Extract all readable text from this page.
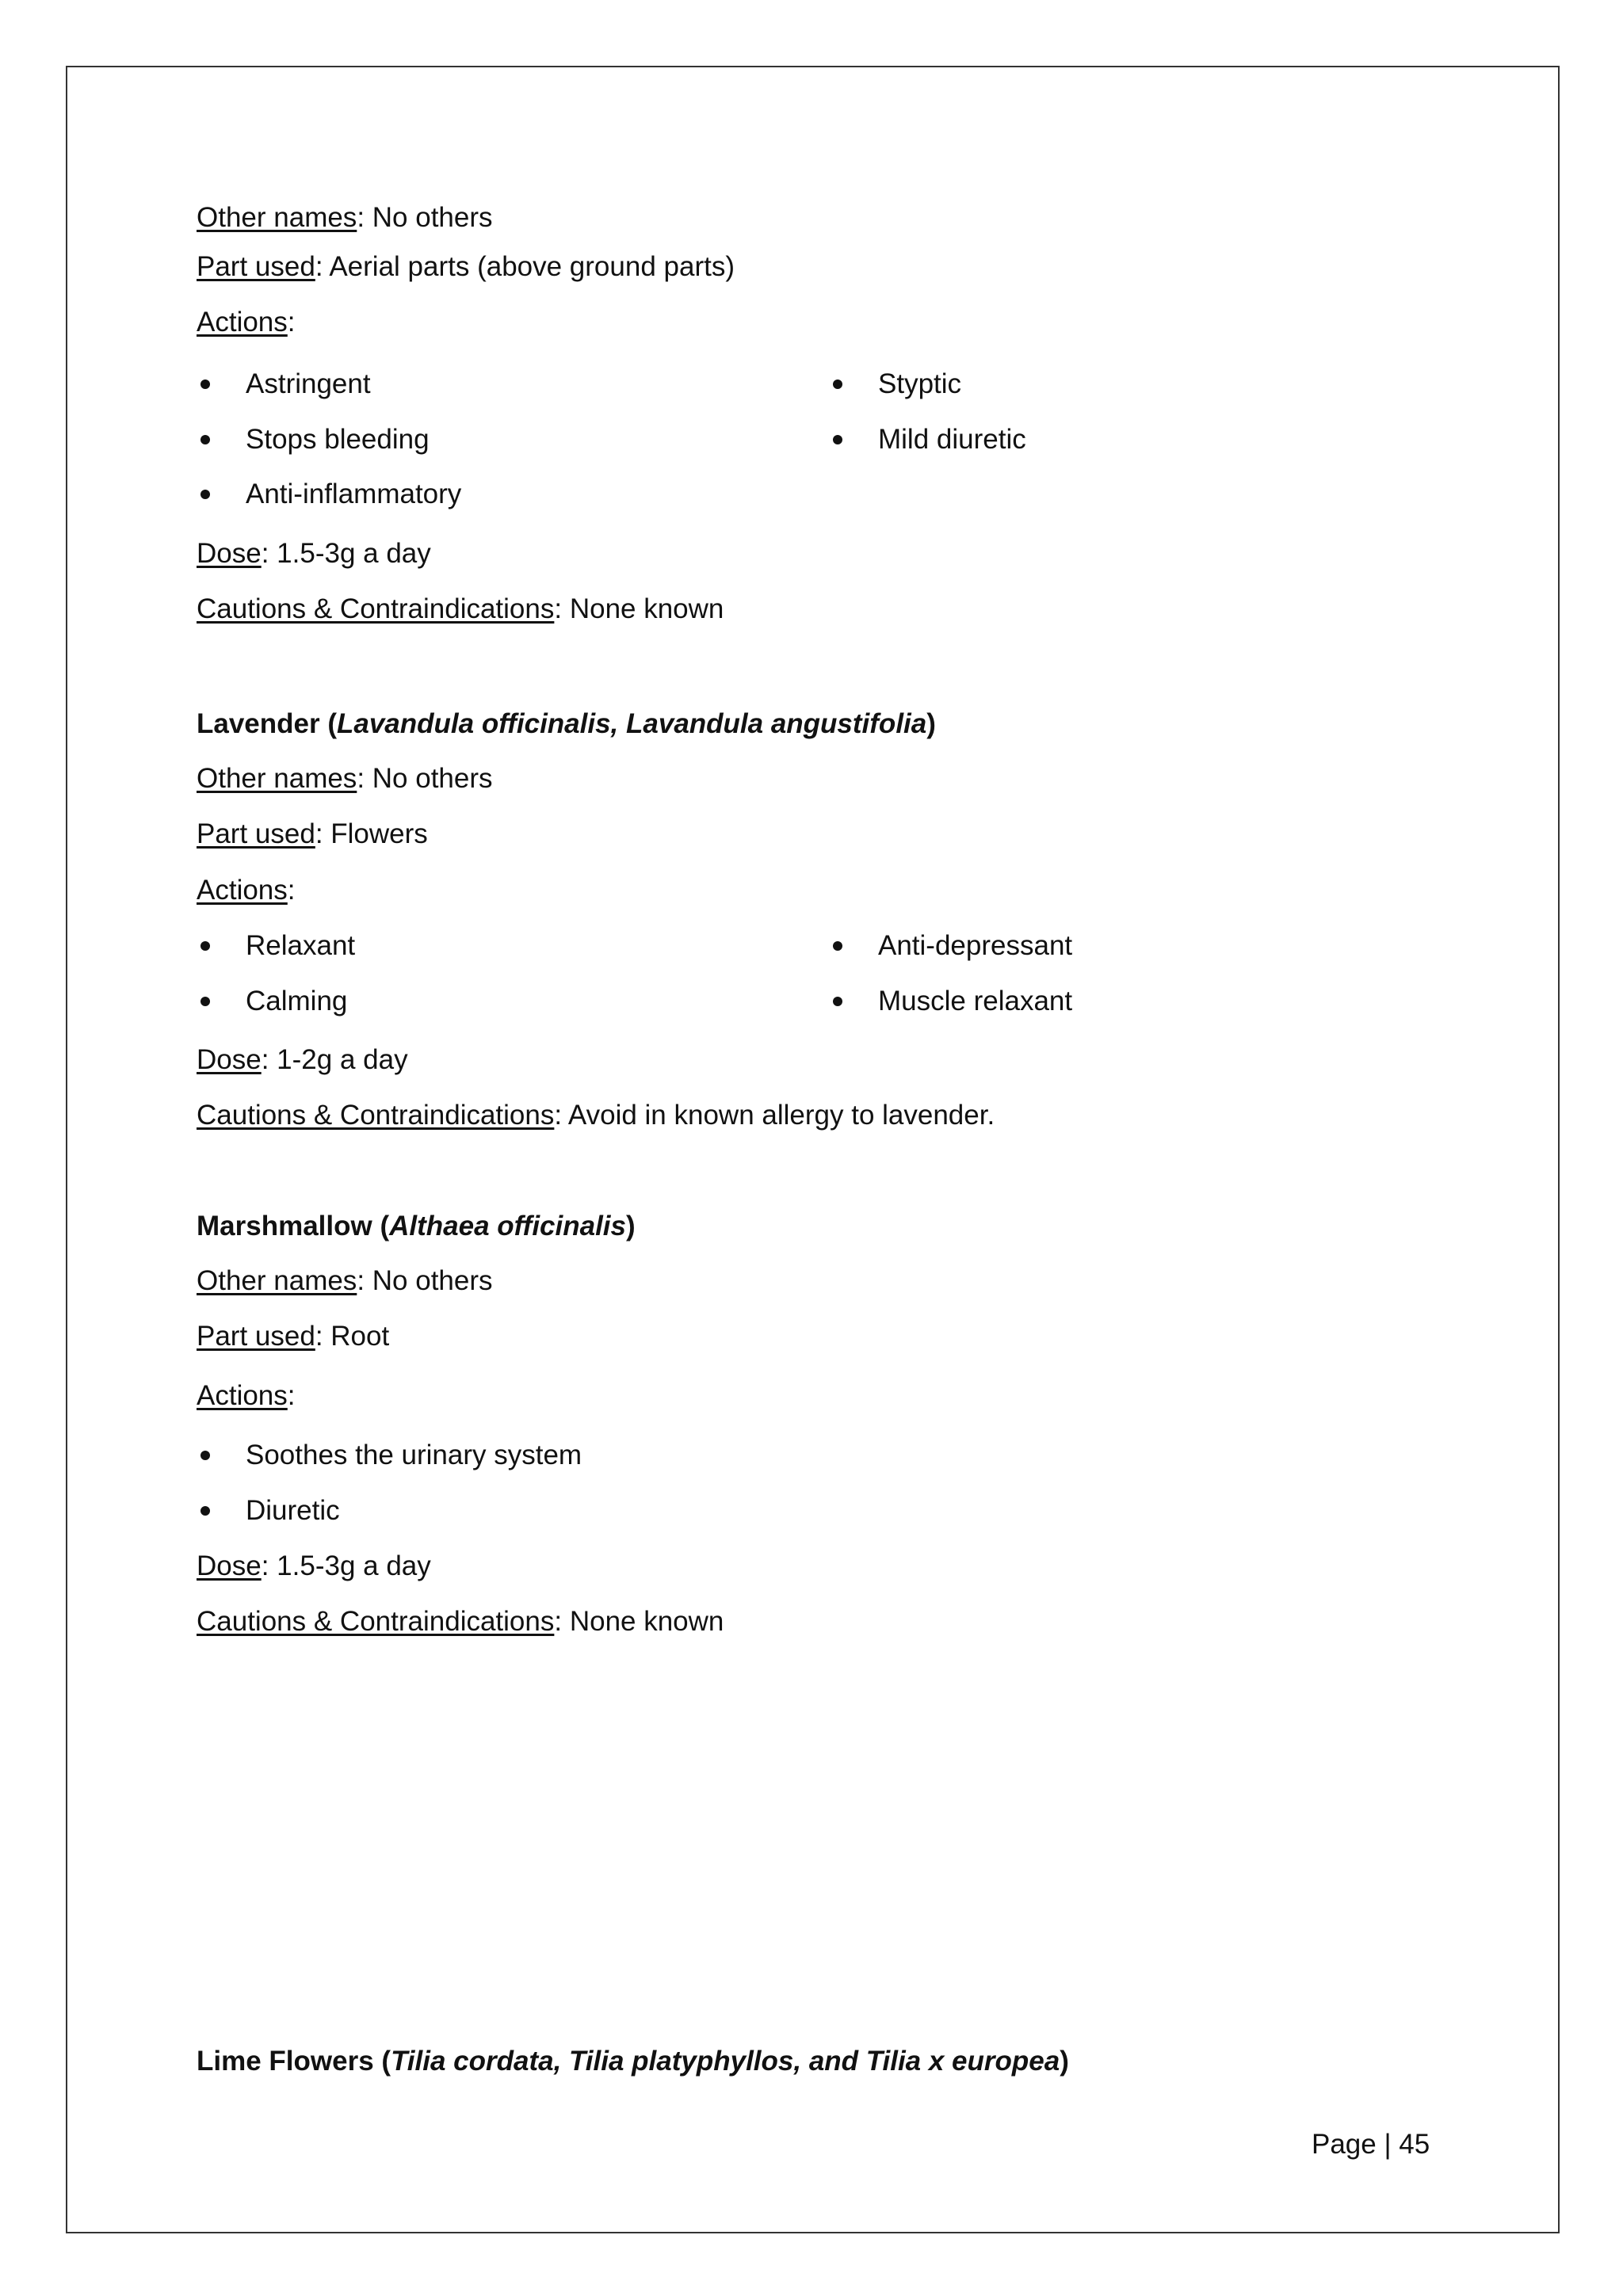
Other names: No others
Part used: Aerial parts (above ground parts)
Actions:
Astringent	Styptic
Stops bleeding	Mild diuretic
Anti-inflammatory
Dose: 1.5-3g a day
Cautions & Contraindications: None known
Lavender (Lavandula officinalis, Lavandula angustifolia)
Other names: No others
Part used: Flowers
Actions:
Relaxant	Anti-depressant
Calming	Muscle relaxant
Dose: 1-2g a day
Cautions & Contraindications: Avoid in known allergy to lavender.
Marshmallow (Althaea officinalis)
Other names: No others
Part used: Root
Actions:
Soothes the urinary system
Diuretic
Dose: 1.5-3g a day
Cautions & Contraindications: None known
Lime Flowers (Tilia cordata, Tilia platyphyllos, and Tilia x europea)
Page | 45
